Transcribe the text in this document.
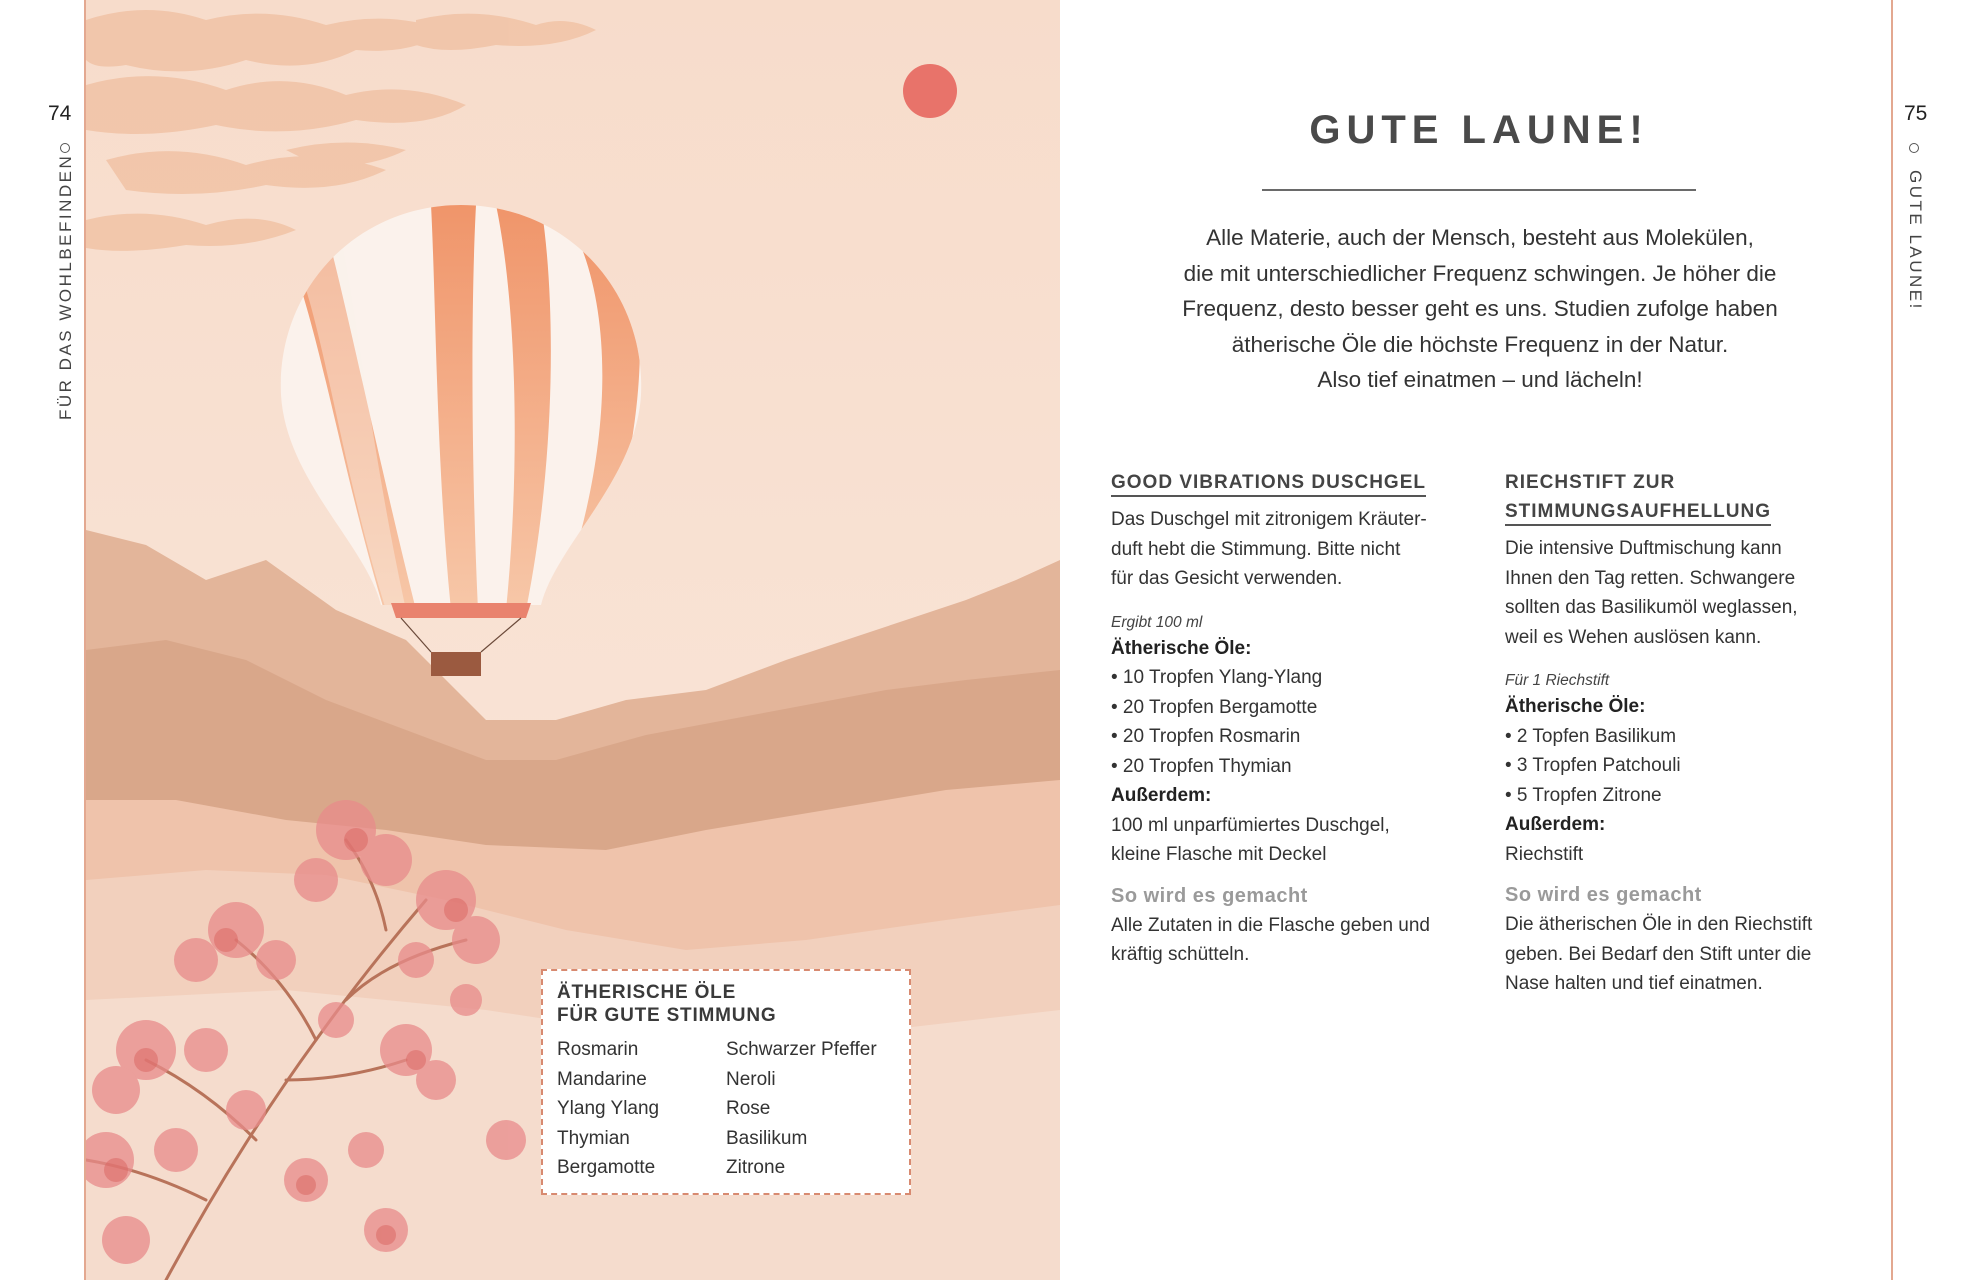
74
FÜR DAS WOHLBEFINDEN
ÄTHERISCHE ÖLE
FÜR GUTE STIMMUNG
Rosmarin
Mandarine
Ylang Ylang
Thymian
Bergamotte
Schwarzer Pfeffer
Neroli
Rose
Basilikum
Zitrone
GUTE LAUNE!
Alle Materie, auch der Mensch, besteht aus Molekülen,
die mit unterschiedlicher Frequenz schwingen. Je höher die
Frequenz, desto besser geht es uns. Studien zufolge haben
ätherische Öle die höchste Frequenz in der Natur.
Also tief einatmen – und lächeln!
GOOD VIBRATIONS DUSCHGEL
Das Duschgel mit zitronigem Kräuter-
duft hebt die Stimmung. Bitte nicht
für das Gesicht verwenden.
Ergibt 100 ml
Ätherische Öle:
• 10 Tropfen Ylang-Ylang
• 20 Tropfen Bergamotte
• 20 Tropfen Rosmarin
• 20 Tropfen Thymian
Außerdem:
100 ml unparfümiertes Duschgel,
kleine Flasche mit Deckel
So wird es gemacht
Alle Zutaten in die Flasche geben und
kräftig schütteln.
RIECHSTIFT ZUR
STIMMUNGSAUFHELLUNG
Die intensive Duftmischung kann
Ihnen den Tag retten. Schwangere
sollten das Basilikumöl weglassen,
weil es Wehen auslösen kann.
Für 1 Riechstift
Ätherische Öle:
• 2 Topfen Basilikum
• 3 Tropfen Patchouli
• 5 Tropfen Zitrone
Außerdem:
Riechstift
So wird es gemacht
Die ätherischen Öle in den Riechstift
geben. Bei Bedarf den Stift unter die
Nase halten und tief einatmen.
75
GUTE LAUNE!
